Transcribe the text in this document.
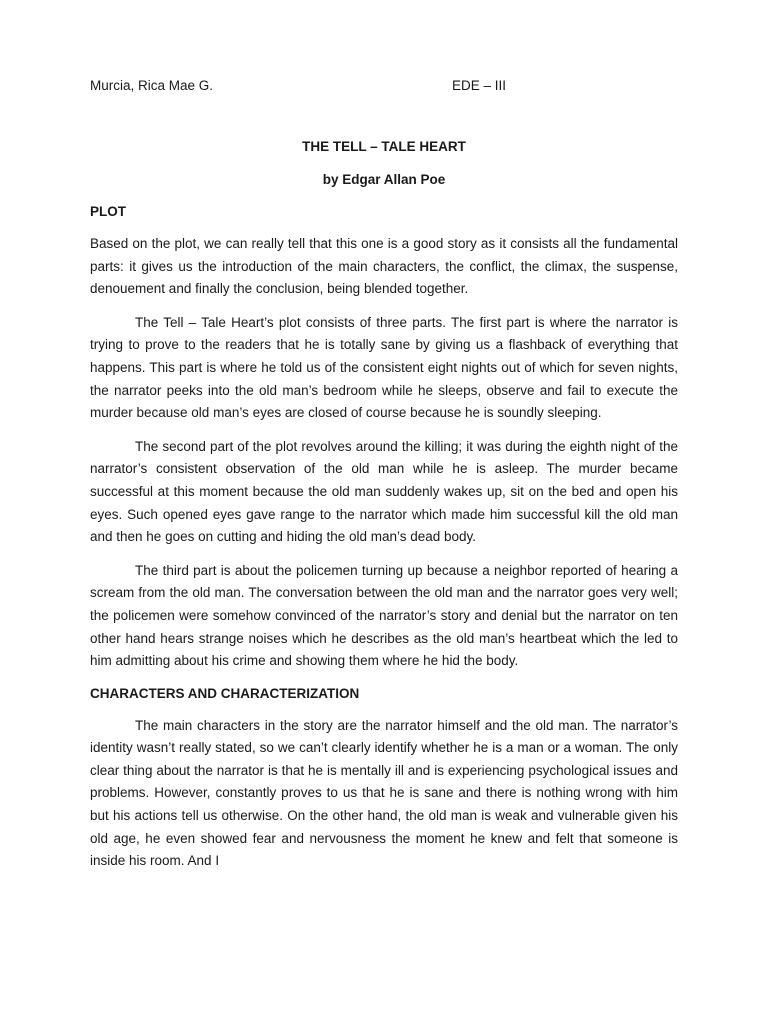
Murcia, Rica Mae G.	EDE – III
THE TELL – TALE HEART
by Edgar Allan Poe
PLOT

Based on the plot, we can really tell that this one is a good story as it consists all the fundamental parts: it gives us the introduction of the main characters, the conflict, the climax, the suspense, denouement and finally the conclusion, being blended together.

The Tell – Tale Heart’s plot consists of three parts. The first part is where the narrator is trying to prove to the readers that he is totally sane by giving us a flashback of everything that happens. This part is where he told us of the consistent eight nights out of which for seven nights, the narrator peeks into the old man’s bedroom while he sleeps, observe and fail to execute the murder because old man’s eyes are closed of course because he is soundly sleeping.

The second part of the plot revolves around the killing; it was during the eighth night of the narrator’s consistent observation of the old man while he is asleep. The murder became successful at this moment because the old man suddenly wakes up, sit on the bed and open his eyes. Such opened eyes gave range to the narrator which made him successful kill the old man and then he goes on cutting and hiding the old man’s dead body.

The third part is about the policemen turning up because a neighbor reported of hearing a scream from the old man. The conversation between the old man and the narrator goes very well; the policemen were somehow convinced of the narrator’s story and denial but the narrator on ten other hand hears strange noises which he describes as the old man’s heartbeat which the led to him admitting about his crime and showing them where he hid the body.

CHARACTERS AND CHARACTERIZATION

The main characters in the story are the narrator himself and the old man. The narrator’s identity wasn’t really stated, so we can’t clearly identify whether he is a man or a woman. The only clear thing about the narrator is that he is mentally ill and is experiencing psychological issues and problems. However, constantly proves to us that he is sane and there is nothing wrong with him but his actions tell us otherwise. On the other hand, the old man is weak and vulnerable given his old age, he even showed fear and nervousness the moment he knew and felt that someone is inside his room. And I
